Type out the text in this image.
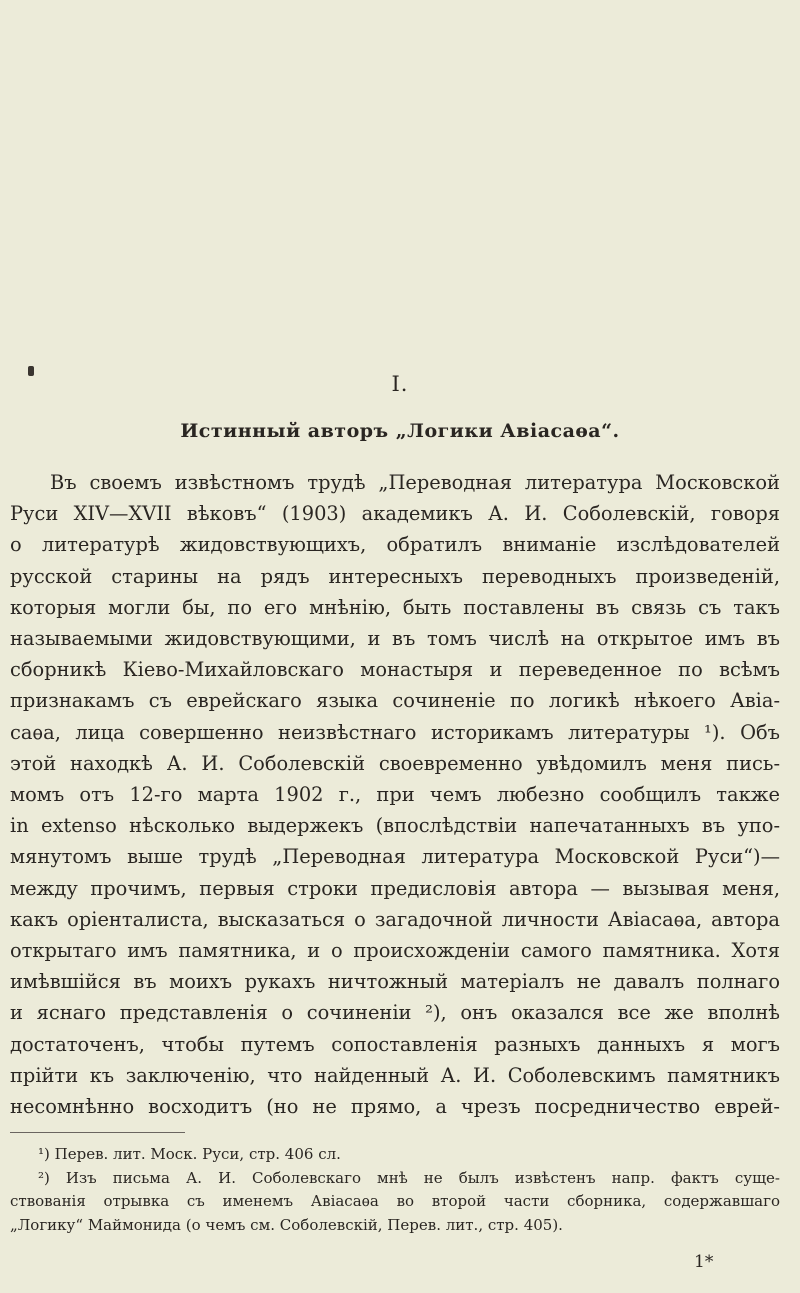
I.
Истинный авторъ „Логики Авіасаѳа“.
Въ своемъ извѣстномъ трудѣ „Переводная литература Московской
Руси XIV—XVII вѣковъ“ (1903) академикъ А. И. Соболевскій, говоря
о литературѣ жидовствующихъ, обратилъ вниманіе изслѣдователей
русской старины на рядъ интересныхъ переводныхъ произведеній,
которыя могли бы, по его мнѣнію, быть поставлены въ связь съ такъ
называемыми жидовствующими, и въ томъ числѣ на открытое имъ въ
сборникѣ Кіево-Михайловскаго монастыря и переведенное по всѣмъ
признакамъ съ еврейскаго языка сочиненіе по логикѣ нѣкоего Авіа-
саѳа, лица совершенно неизвѣстнаго историкамъ литературы ¹). Объ
этой находкѣ А. И. Соболевскій своевременно увѣдомилъ меня пись-
момъ отъ 12-го марта 1902 г., при чемъ любезно сообщилъ также
in extenso нѣсколько выдержекъ (впослѣдствіи напечатанныхъ въ упо-
мянутомъ выше трудѣ „Переводная литература Московской Руси“)—
между прочимъ, первыя строки предисловія автора — вызывая меня,
какъ оріенталиста, высказаться о загадочной личности Авіасаѳа, автора
открытаго имъ памятника, и о происхожденіи самого памятника. Хотя
имѣвшійся въ моихъ рукахъ ничтожный матеріалъ не давалъ полнаго
и яснаго представленія о сочиненіи ²), онъ оказался все же вполнѣ
достаточенъ, чтобы путемъ сопоставленія разныхъ данныхъ я могъ
прійти къ заключенію, что найденный А. И. Соболевскимъ памятникъ
несомнѣнно восходитъ (но не прямо, а чрезъ посредничество еврей-
¹) Перев. лит. Моск. Руси, стр. 406 сл.
²) Изъ письма А. И. Соболевскаго мнѣ не былъ извѣстенъ напр. фактъ суще-
ствованія отрывка съ именемъ Авіасаѳа во второй части сборника, содержавшаго
„Логику“ Маймонида (о чемъ см. Соболевскій, Перев. лит., стр. 405).
1*
